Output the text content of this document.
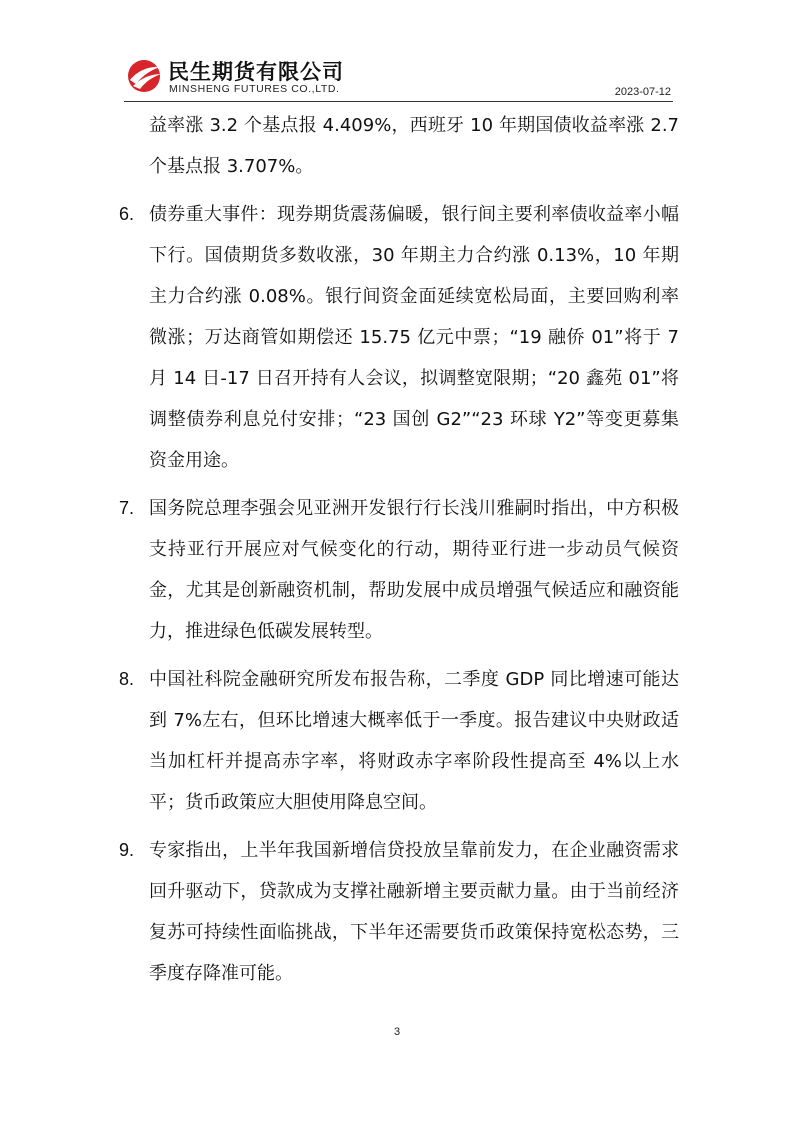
民生期货有限公司
MINSHENG FUTURES CO.,LTD.	2023-07-12
益率涨 3.2 个基点报 4.409%，西班牙 10 年期国债收益率涨 2.7 个基点报 3.707%。
6. 债券重大事件：现券期货震荡偏暖，银行间主要利率债收益率小幅下行。国债期货多数收涨，30 年期主力合约涨 0.13%，10 年期主力合约涨 0.08%。银行间资金面延续宽松局面，主要回购利率微涨；万达商管如期偿还 15.75 亿元中票；“19 融侨 01”将于 7 月 14 日-17 日召开持有人会议，拟调整宽限期；“20 鑫苑 01”将调整债券利息兑付安排；“23 国创 G2”“23 环球 Y2”等变更募集资金用途。
7. 国务院总理李强会见亚洲开发银行行长浅川雅嗣时指出，中方积极支持亚行开展应对气候变化的行动，期待亚行进一步动员气候资金，尤其是创新融资机制，帮助发展中成员增强气候适应和融资能力，推进绿色低碳发展转型。
8. 中国社科院金融研究所发布报告称，二季度 GDP 同比增速可能达到 7%左右，但环比增速大概率低于一季度。报告建议中央财政适当加杠杆并提高赤字率，将财政赤字率阶段性提高至 4%以上水平；货币政策应大胆使用降息空间。
9. 专家指出，上半年我国新增信贷投放呈靠前发力，在企业融资需求回升驱动下，贷款成为支撑社融新增主要贡献力量。由于当前经济复苏可持续性面临挑战，下半年还需要货币政策保持宽松态势，三季度存降准可能。
3
